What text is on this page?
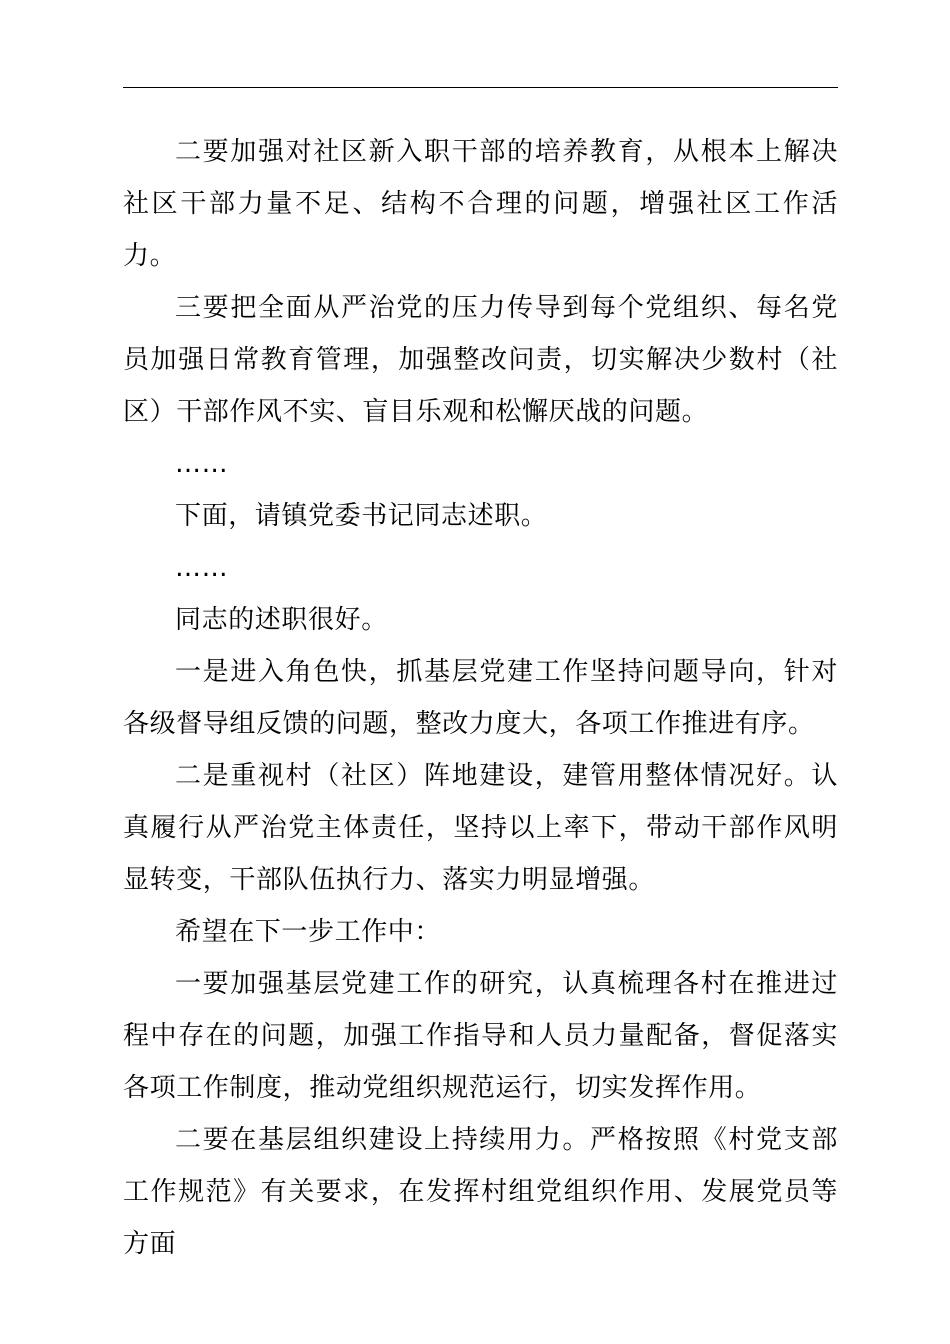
二要加强对社区新入职干部的培养教育，从根本上解决社区干部力量不足、结构不合理的问题，增强社区工作活力。

三要把全面从严治党的压力传导到每个党组织、每名党员加强日常教育管理，加强整改问责，切实解决少数村（社区）干部作风不实、盲目乐观和松懈厌战的问题。

……

下面，请镇党委书记同志述职。

……

同志的述职很好。

一是进入角色快，抓基层党建工作坚持问题导向，针对各级督导组反馈的问题，整改力度大，各项工作推进有序。

二是重视村（社区）阵地建设，建管用整体情况好。认真履行从严治党主体责任，坚持以上率下，带动干部作风明显转变，干部队伍执行力、落实力明显增强。

希望在下一步工作中：

一要加强基层党建工作的研究，认真梳理各村在推进过程中存在的问题，加强工作指导和人员力量配备，督促落实各项工作制度，推动党组织规范运行，切实发挥作用。

二要在基层组织建设上持续用力。严格按照《村党支部工作规范》有关要求，在发挥村组党组织作用、发展党员等方面
